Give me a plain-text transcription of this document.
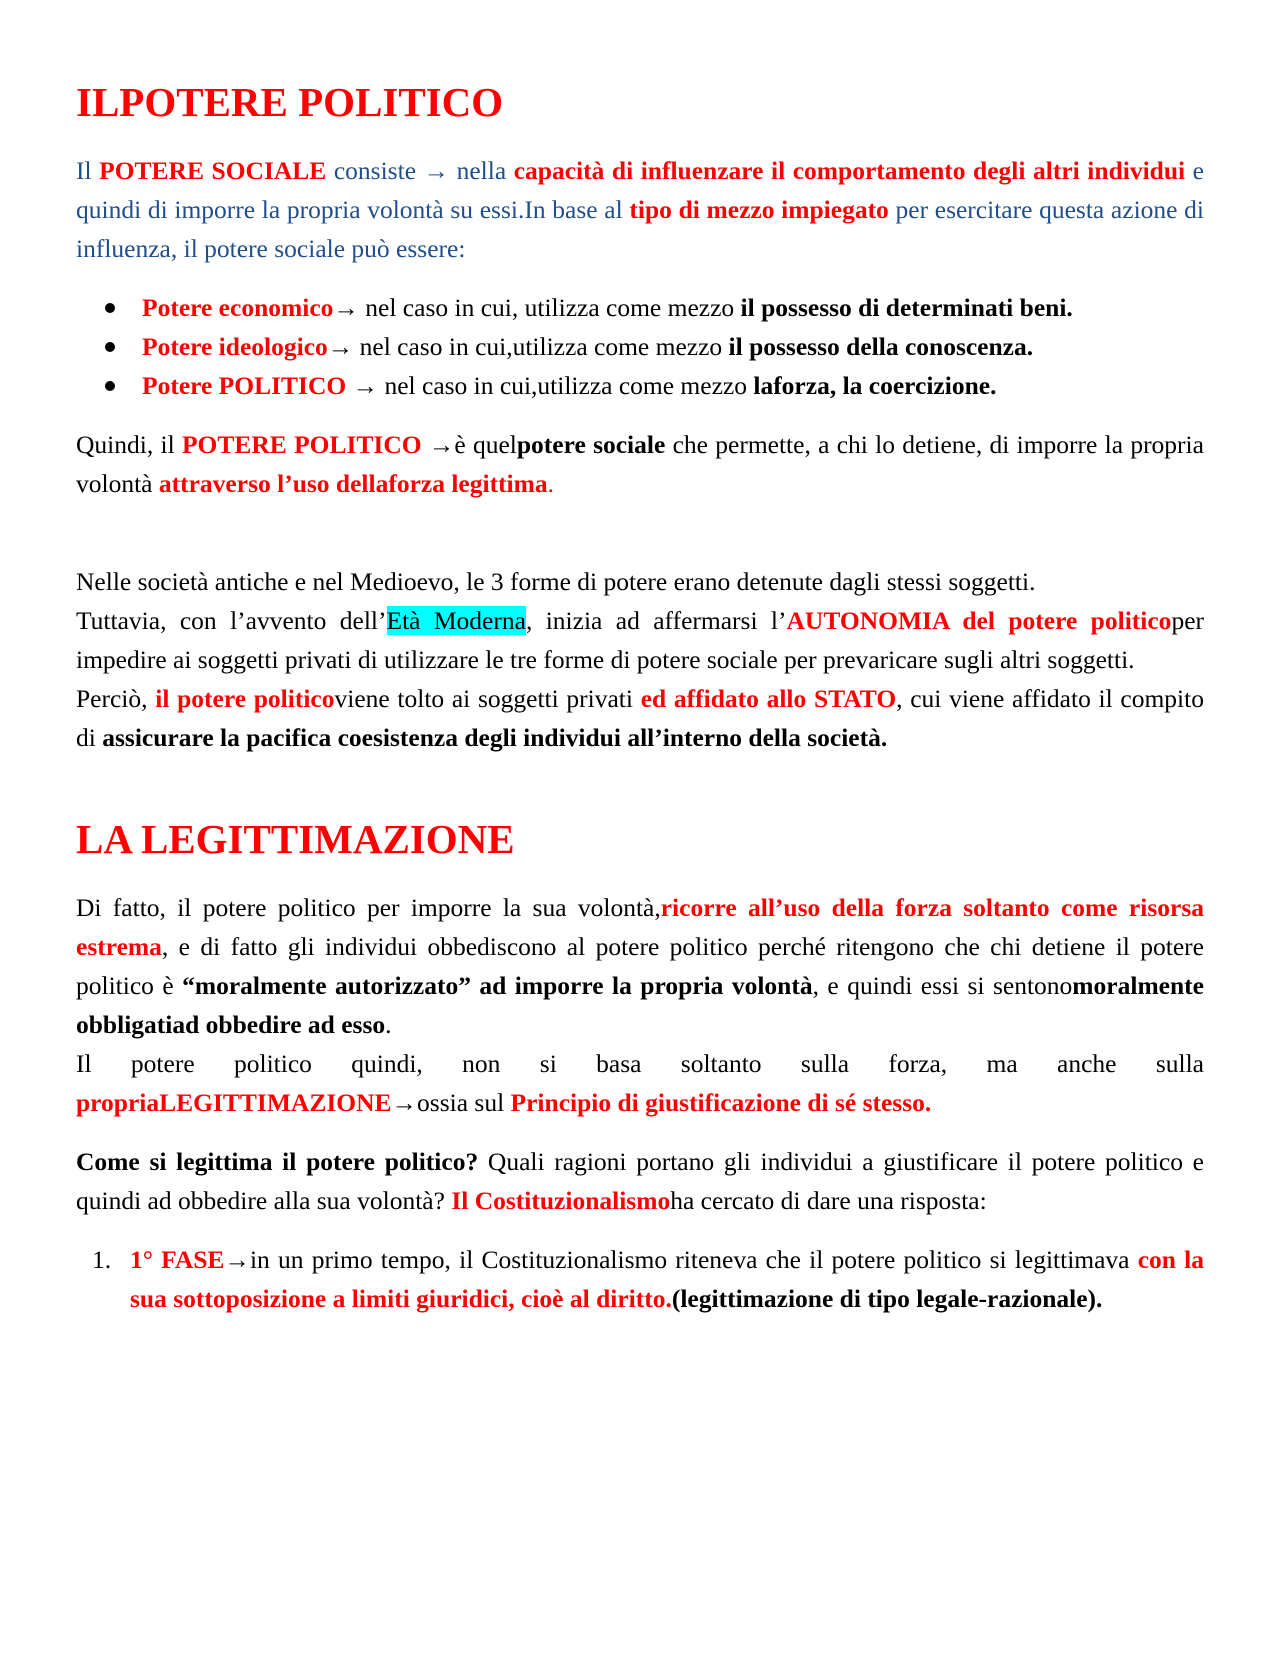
ILPOTERE POLITICO

Il POTERE SOCIALE consiste → nella capacità di influenzare il comportamento degli altri individui e quindi di imporre la propria volontà su essi.In base al tipo di mezzo impiegato per esercitare questa azione di influenza, il potere sociale può essere:

Potere economico→ nel caso in cui, utilizza come mezzo il possesso di determinati beni.
Potere ideologico→ nel caso in cui,utilizza come mezzo il possesso della conoscenza.
Potere POLITICO → nel caso in cui,utilizza come mezzo laforza, la coercizione.

Quindi, il POTERE POLITICO →è quelpotere sociale che permette, a chi lo detiene, di imporre la propria volontà attraverso l’uso dellaforza legittima.

Nelle società antiche e nel Medioevo, le 3 forme di potere erano detenute dagli stessi soggetti.

Tuttavia, con l’avvento dell’Età Moderna, inizia ad affermarsi l’AUTONOMIA del potere politicoper impedire ai soggetti privati di utilizzare le tre forme di potere sociale per prevaricare sugli altri soggetti.

Perciò, il potere politicoviene tolto ai soggetti privati ed affidato allo STATO, cui viene affidato il compito di assicurare la pacifica coesistenza degli individui all’interno della società.

LA LEGITTIMAZIONE

Di fatto, il potere politico per imporre la sua volontà,ricorre all’uso della forza soltanto come risorsa estrema, e di fatto gli individui obbediscono al potere politico perché ritengono che chi detiene il potere politico è “moralmente autorizzato” ad imporre la propria volontà, e quindi essi si sentonomoralmente obbligatiad obbedire ad esso.

Il potere politico quindi, non si basa soltanto sulla forza, ma anche sulla propriaLEGITTIMAZIONE→ossia sul Principio di giustificazione di sé stesso.

Come si legittima il potere politico? Quali ragioni portano gli individui a giustificare il potere politico e quindi ad obbedire alla sua volontà? Il Costituzionalismoha cercato di dare una risposta:

1. 1° FASE→in un primo tempo, il Costituzionalismo riteneva che il potere politico si legittimava con la sua sottoposizione a limiti giuridici, cioè al diritto.(legittimazione di tipo legale-razionale).
